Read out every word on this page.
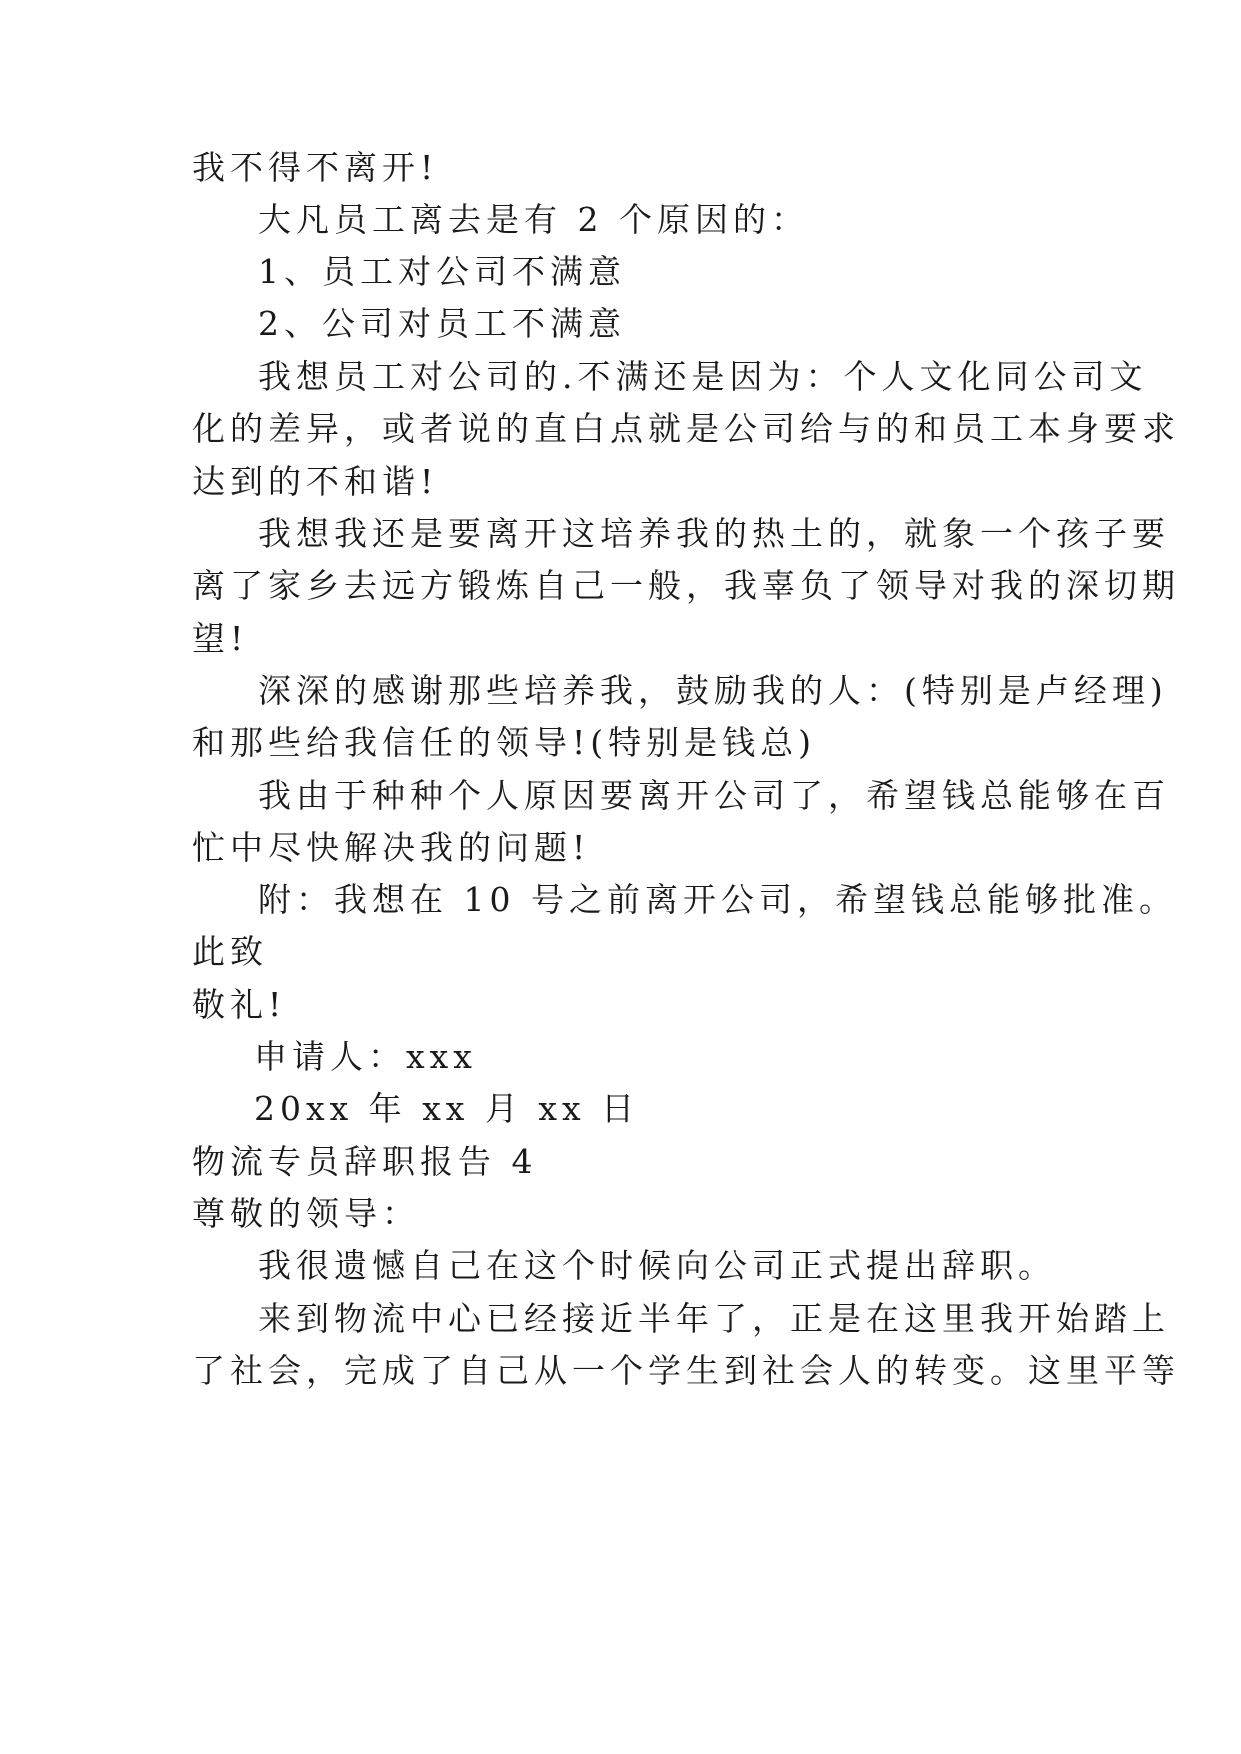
我不得不离开!

大凡员工离去是有 2 个原因的：

1、员工对公司不满意

2、公司对员工不满意

我想员工对公司的.不满还是因为：个人文化同公司文

化的差异，或者说的直白点就是公司给与的和员工本身要求

达到的不和谐!

我想我还是要离开这培养我的热土的，就象一个孩子要

离了家乡去远方锻炼自己一般，我辜负了领导对我的深切期

望!

深深的感谢那些培养我，鼓励我的人：(特别是卢经理)

和那些给我信任的领导!(特别是钱总)

我由于种种个人原因要离开公司了，希望钱总能够在百

忙中尽快解决我的问题!

附：我想在 10 号之前离开公司，希望钱总能够批准。

此致

敬礼!

申请人：xxx

20xx 年 xx 月 xx 日

物流专员辞职报告 4

尊敬的领导：

我很遗憾自己在这个时候向公司正式提出辞职。

来到物流中心已经接近半年了，正是在这里我开始踏上

了社会，完成了自己从一个学生到社会人的转变。这里平等
